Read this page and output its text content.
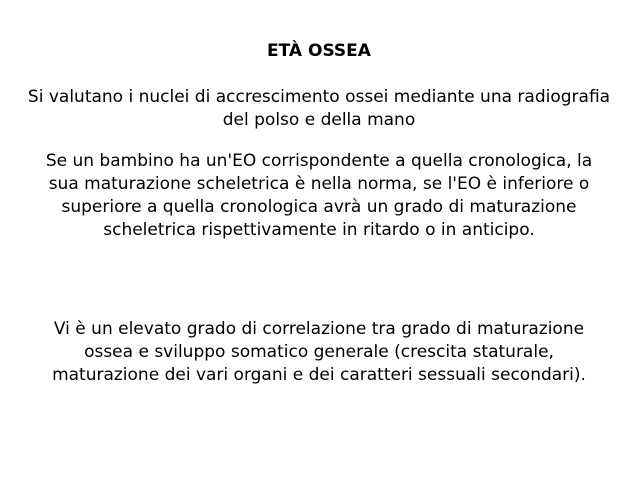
ETÀ OSSEA
Si valutano i nuclei di accrescimento ossei mediante una radiografia del polso e della mano
Se un bambino ha un'EO corrispondente a quella cronologica, la sua maturazione scheletrica è nella norma, se l'EO è inferiore o superiore a quella cronologica avrà un grado di maturazione scheletrica rispettivamente in ritardo o in anticipo.
Vi è un elevato grado di correlazione tra grado di maturazione ossea e sviluppo somatico generale (crescita staturale, maturazione dei vari organi e dei caratteri sessuali secondari).
